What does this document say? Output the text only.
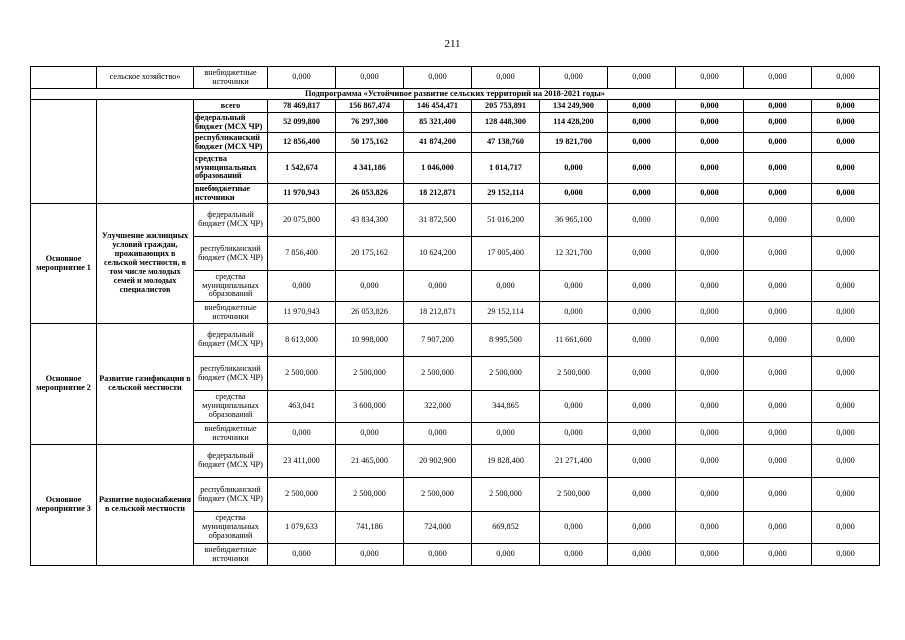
211
	сельское хозяйство»	внебюджетные источники	0,000	0,000	0,000	0,000	0,000	0,000	0,000	0,000	0,000
Подпрограмма «Устойчивое развитие сельских территорий на 2018-2021 годы»											
		всего	78 469,817	156 867,474	146 454,471	205 753,891	134 249,900	0,000	0,000	0,000	0,000
		федеральный бюджет (МСХ ЧР)	52 099,800	76 297,300	85 321,400	128 448,300	114 428,200	0,000	0,000	0,000	0,000
		республиканский бюджет (МСХ ЧР)	12 856,400	50 175,162	41 874,200	47 138,760	19 821,700	0,000	0,000	0,000	0,000
		средства муниципальных образований	1 542,674	4 341,186	1 046,000	1 014,717	0,000	0,000	0,000	0,000	0,000
		внебюджетные источники	11 970,943	26 053,826	18 212,871	29 152,114	0,000	0,000	0,000	0,000	0,000
Основное мероприятие 1	Улучшение жилищных условий граждан, проживающих в сельской местности, в том числе молодых семей и молодых специалистов	федеральный бюджет (МСХ ЧР)	20 075,800	43 834,300	31 872,500	51 016,200	36 965,100	0,000	0,000	0,000	0,000
		республиканский бюджет (МСХ ЧР)	7 856,400	20 175,162	10 624,200	17 005,400	12 321,700	0,000	0,000	0,000	0,000
		средства муниципальных образований	0,000	0,000	0,000	0,000	0,000	0,000	0,000	0,000	0,000
		внебюджетные источники	11 970,943	26 053,826	18 212,871	29 152,114	0,000	0,000	0,000	0,000	0,000
Основное мероприятие 2	Развитие газификации в сельской местности	федеральный бюджет (МСХ ЧР)	8 613,000	10 998,000	7 907,200	8 995,500	11 661,600	0,000	0,000	0,000	0,000
		республиканский бюджет (МСХ ЧР)	2 500,000	2 500,000	2 500,000	2 500,000	2 500,000	0,000	0,000	0,000	0,000
		средства муниципальных образований	463,041	3 600,000	322,000	344,865	0,000	0,000	0,000	0,000	0,000
		внебюджетные источники	0,000	0,000	0,000	0,000	0,000	0,000	0,000	0,000	0,000
Основное мероприятие 3	Развитие водоснабжения в сельской местности	федеральный бюджет (МСХ ЧР)	23 411,000	21 465,000	20 902,900	19 828,400	21 271,400	0,000	0,000	0,000	0,000
		республиканский бюджет (МСХ ЧР)	2 500,000	2 500,000	2 500,000	2 500,000	2 500,000	0,000	0,000	0,000	0,000
		средства муниципальных образований	1 079,633	741,186	724,000	669,852	0,000	0,000	0,000	0,000	0,000
		внебюджетные источники	0,000	0,000	0,000	0,000	0,000	0,000	0,000	0,000	0,000
